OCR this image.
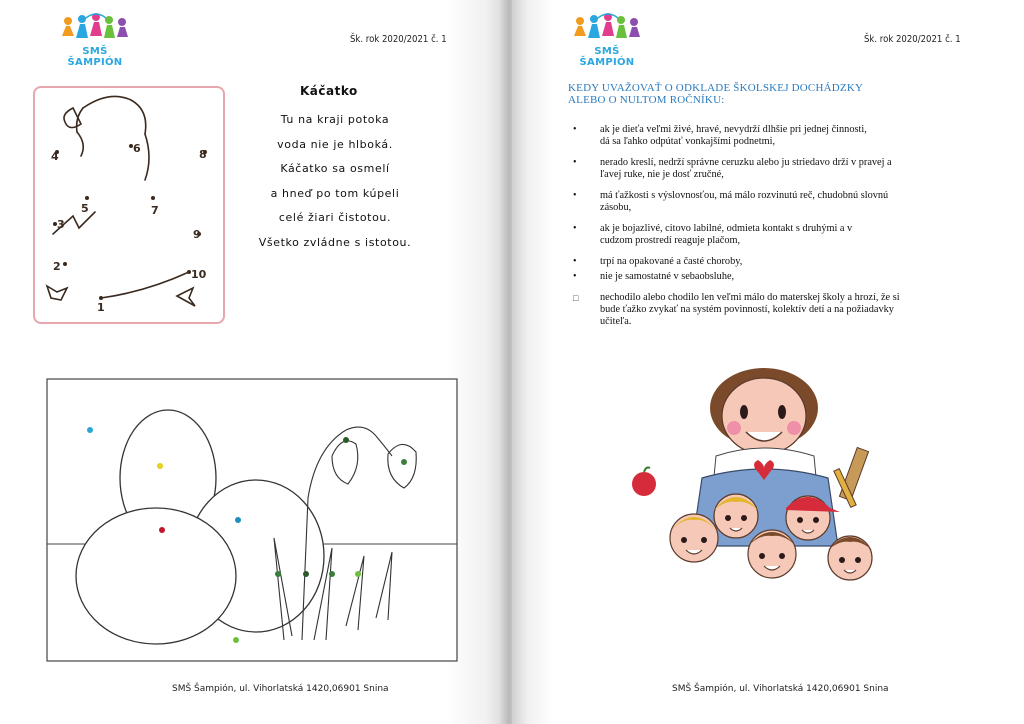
SMŠ ŠAMPIÓN
Šk. rok 2020/2021 č. 1
1
2
3
4
5
6
7
8
9
10
Káčatko
Tu na kraji potoka
voda nie je hlboká.
Káčatko sa osmelí
a hneď po tom kúpeli
celé žiari čistotou.
Všetko zvládne s istotou.
SMŠ Šampión, ul. Vihorlatská 1420,06901 Snina
SMŠ ŠAMPIÓN
Šk. rok 2020/2021 č. 1
SMŠ Šampión, ul. Vihorlatská 1420,06901 Snina
KEDY UVAŽOVAŤ O ODKLADE ŠKOLSKEJ DOCHÁDZKY
ALEBO O NULTOM ROČNÍKU:
• ak je dieťa veľmi živé, hravé, nevydrží dlhšie pri jednej činnosti,
dá sa ľahko odpútať vonkajšími podnetmi,
• nerado kreslí, nedrží správne ceruzku alebo ju striedavo drží v pravej a
ľavej ruke, nie je dosť zručné,
• má ťažkosti s výslovnosťou, má málo rozvinutú reč, chudobnú slovnú
zásobu,
• ak je bojazlivé, citovo labilné, odmieta kontakt s druhými a v
cudzom prostredí reaguje plačom,
• trpí na opakované a časté choroby,
• nie je samostatné v sebaobsluhe,
□ nechodilo alebo chodilo len veľmi málo do materskej školy a hrozí, že si
bude ťažko zvykať na systém povinností, kolektív detí a na požiadavky
učiteľa.
